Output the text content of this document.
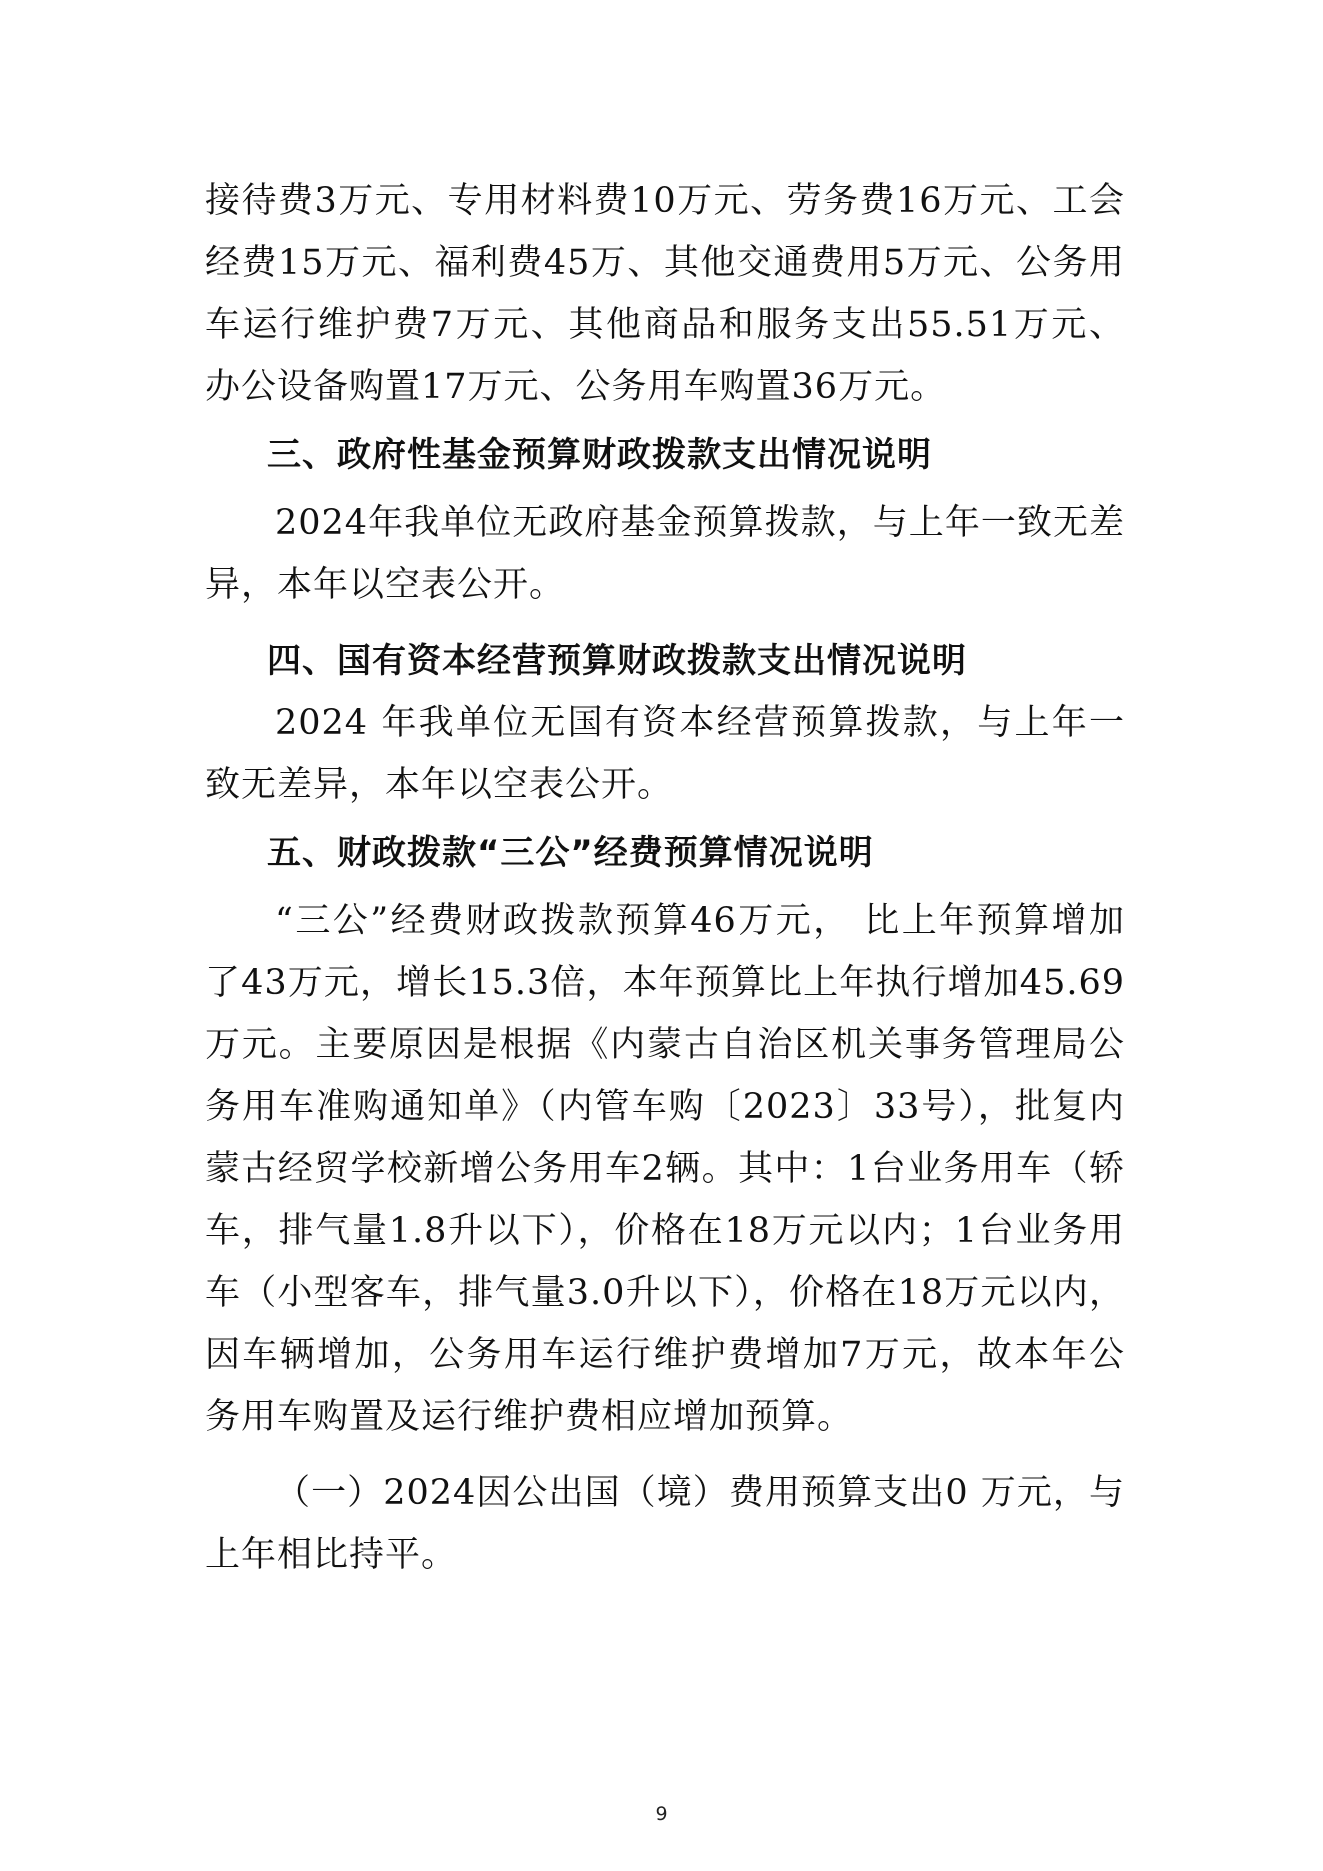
接待费3万元、专用材料费10万元、劳务费16万元、工会经费15万元、福利费45万、其他交通费用5万元、公务用车运行维护费7万元、其他商品和服务支出55.51万元、办公设备购置17万元、公务用车购置36万元。

三、政府性基金预算财政拨款支出情况说明

2024年我单位无政府基金预算拨款，与上年一致无差异，本年以空表公开。

四、国有资本经营预算财政拨款支出情况说明

2024 年我单位无国有资本经营预算拨款，与上年一致无差异，本年以空表公开。

五、财政拨款“三公”经费预算情况说明

“三公”经费财政拨款预算46万元， 比上年预算增加了43万元，增长15.3倍，本年预算比上年执行增加45.69万元。主要原因是根据《内蒙古自治区机关事务管理局公务用车准购通知单》（内管车购〔2023〕33号），批复内蒙古经贸学校新增公务用车2辆。其中：1台业务用车（轿车，排气量1.8升以下），价格在18万元以内；1台业务用车（小型客车，排气量3.0升以下），价格在18万元以内，因车辆增加，公务用车运行维护费增加7万元，故本年公务用车购置及运行维护费相应增加预算。

（一）2024因公出国（境）费用预算支出0 万元，与上年相比持平。

9
